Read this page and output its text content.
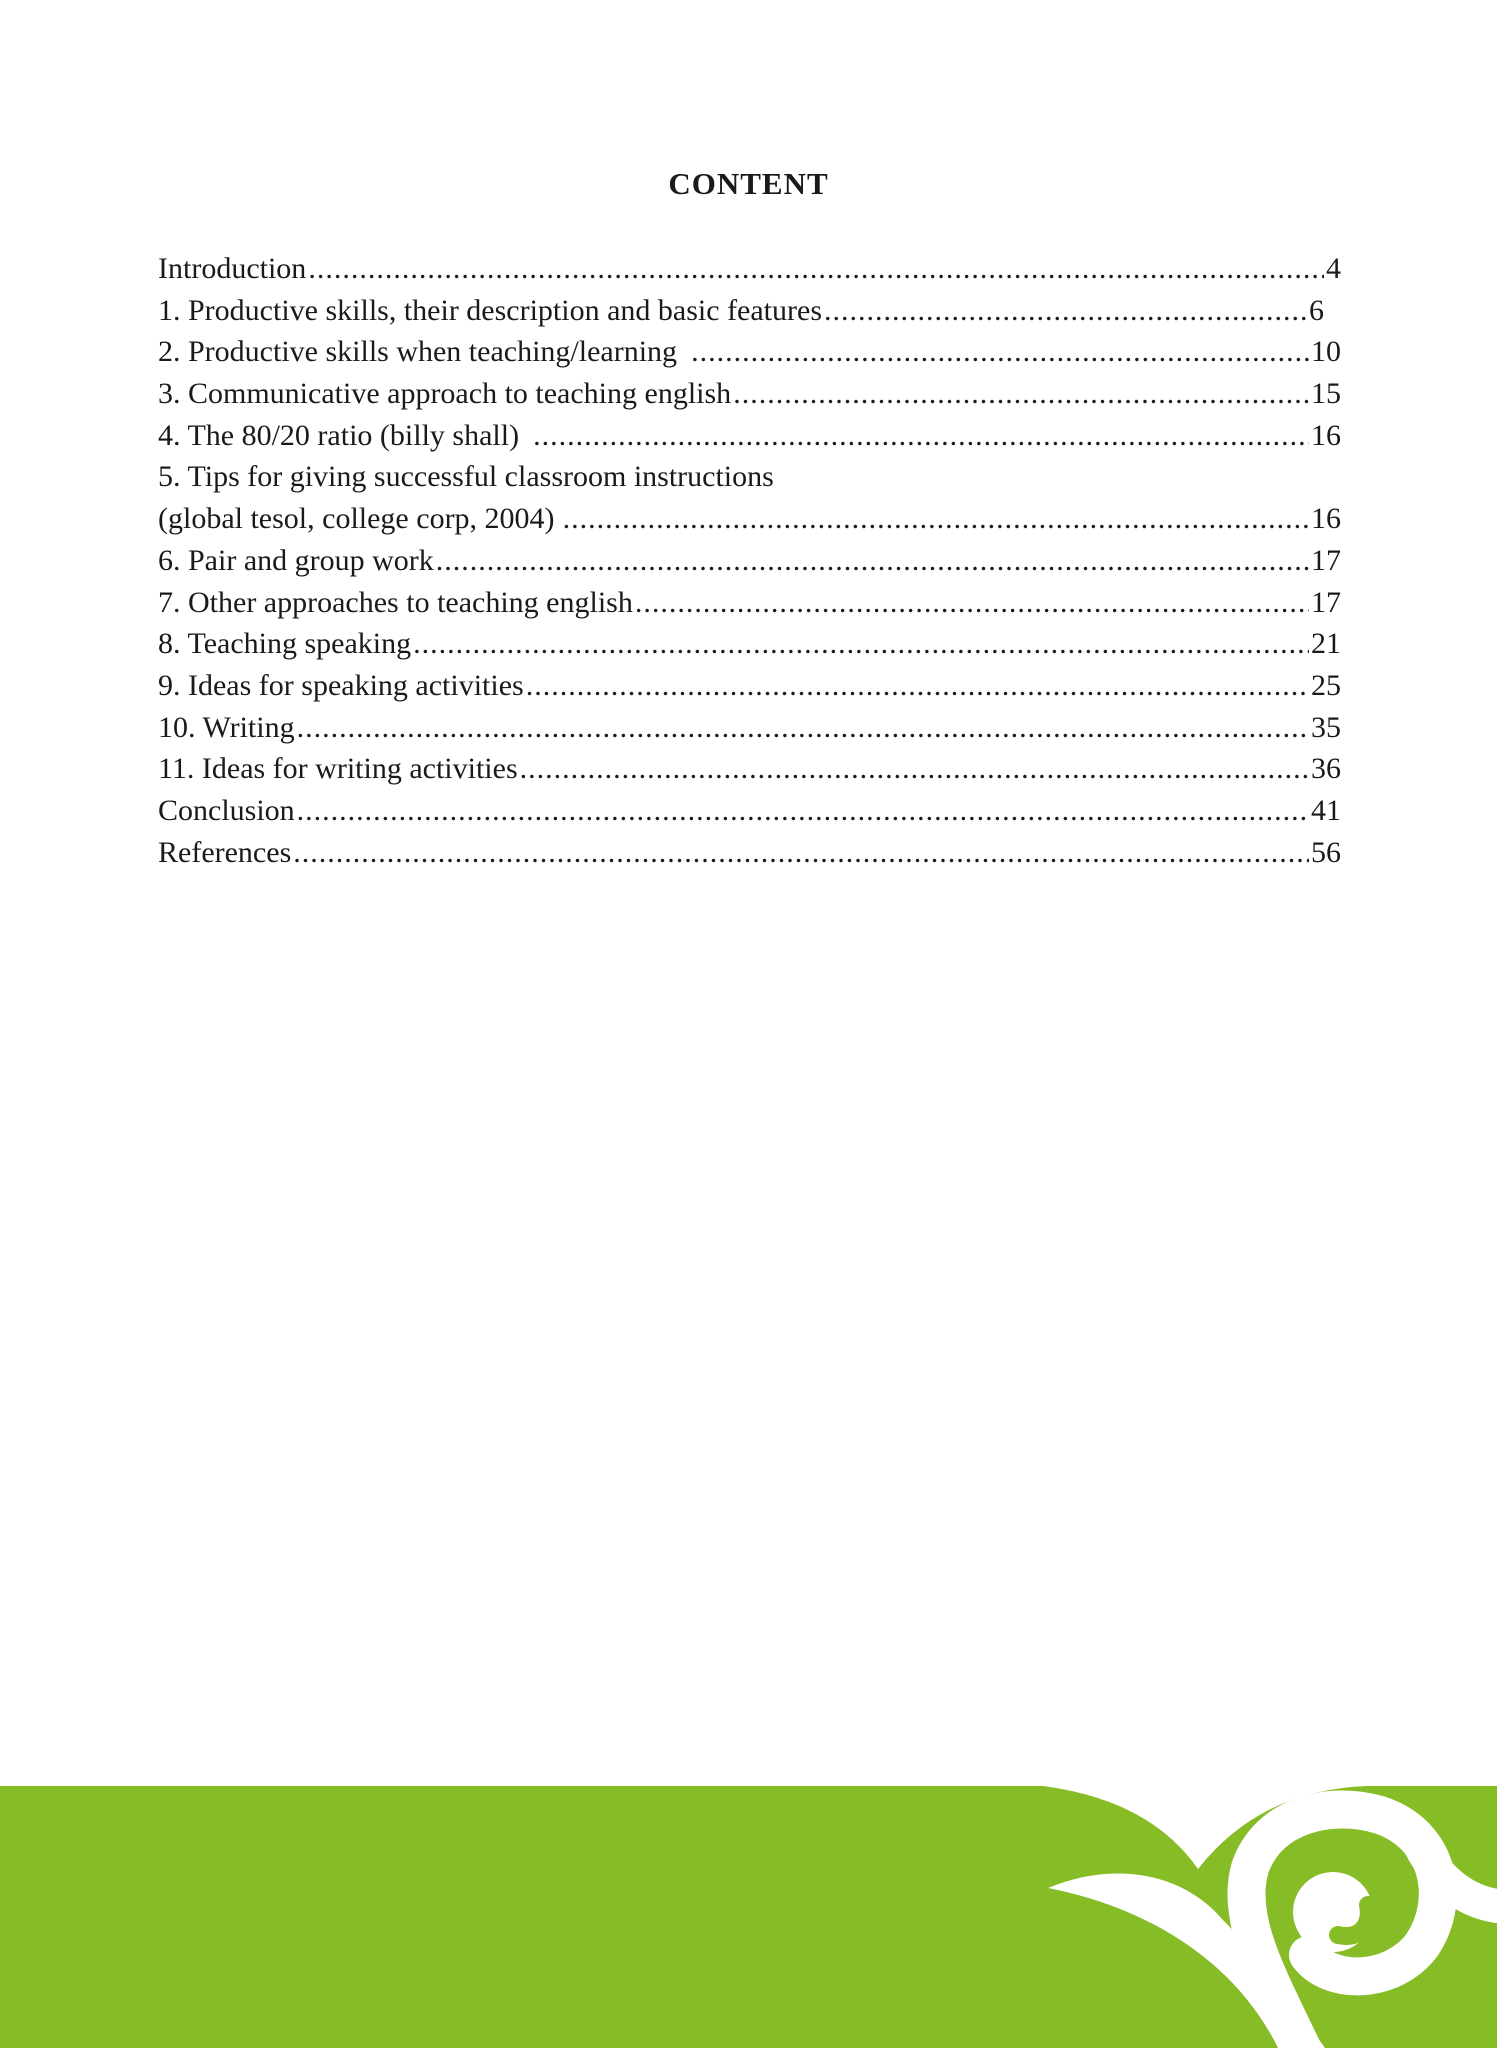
CONTENT
Introduction .....	4
1. Productive skills, their description and basic features .....	6
2. Productive skills when teaching/learning .....	10
3. Communicative approach to teaching english .....	15
4. The 80/20 ratio (billy shall) .....	16
5. Tips for giving successful classroom instructions
(global tesol, college corp, 2004) .....	16
6. Pair and group work .....	17
7. Other approaches to teaching english .....	17
8. Teaching speaking .....	21
9. Ideas for speaking activities .....	25
10. Writing .....	35
11. Ideas for writing activities .....	36
Conclusion .....	41
References .....	56
